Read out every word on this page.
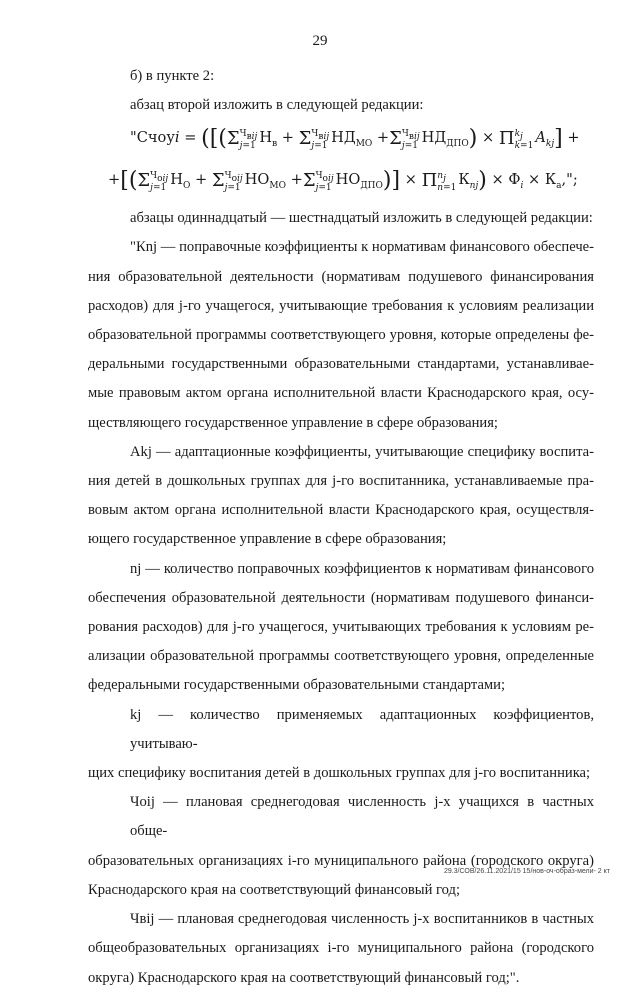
29
б) в пункте 2:
абзац второй изложить в следующей редакции:
"Счоуi = ([(Σ $Ч_{вij}$
j=1 $Н_в + \Sigma$ $Ч_{вij}$
j=1 $НД_{МО} +\Sigma$ $Ч_{вij}$
j=1 $НД_{ДПО}) \times \Pi$ $k_j$
k=1 $A_{kj}$] +
+[(Σ $Ч_{оij}$
j=1 $Н_О + \Sigma$ $Ч_{оij}$
j=1 $НО_{МО} +\Sigma$ $Ч_{оij}$
j=1 $НО_{ДПО})] \times \Pi$ $n_j$
n=1 $К_{nj}) \times Ф_i \times К_а$,";
абзацы одиннадцатый — шестнадцатый изложить в следующей редакции:
"Кnj — поправочные коэффициенты к нормативам финансового обеспече-
ния образовательной деятельности (нормативам подушевого финансирования
расходов) для j-го учащегося, учитывающие требования к условиям реализации
образовательной программы соответствующего уровня, которые определены фе-
деральными государственными образовательными стандартами, устанавливае-
мые правовым актом органа исполнительной власти Краснодарского края, осу-
ществляющего государственное управление в сфере образования;
Аkj — адаптационные коэффициенты, учитывающие специфику воспита-
ния детей в дошкольных группах для j-го воспитанника, устанавливаемые пра-
вовым актом органа исполнительной власти Краснодарского края, осуществля-
ющего государственное управление в сфере образования;
nj — количество поправочных коэффициентов к нормативам финансового
обеспечения образовательной деятельности (нормативам подушевого финанси-
рования расходов) для j-го учащегося, учитывающих требования к условиям ре-
ализации образовательной программы соответствующего уровня, определенные
федеральными государственными образовательными стандартами;
kj — количество применяемых адаптационных коэффициентов, учитываю-
щих специфику воспитания детей в дошкольных группах для j-го воспитанника;
Чoij — плановая среднегодовая численность j-х учащихся в частных обще-
образовательных организациях i-го муниципального района (городского округа)
Краснодарского края на соответствующий финансовый год;
Чвij — плановая среднегодовая численность j-х воспитанников в частных
общеобразовательных организациях i-го муниципального района (городского
округа) Краснодарского края на соответствующий финансовый год;".
29.3/СОВ/26.11.2021/15 15/нов-оч-образ-мели- 2 кт
